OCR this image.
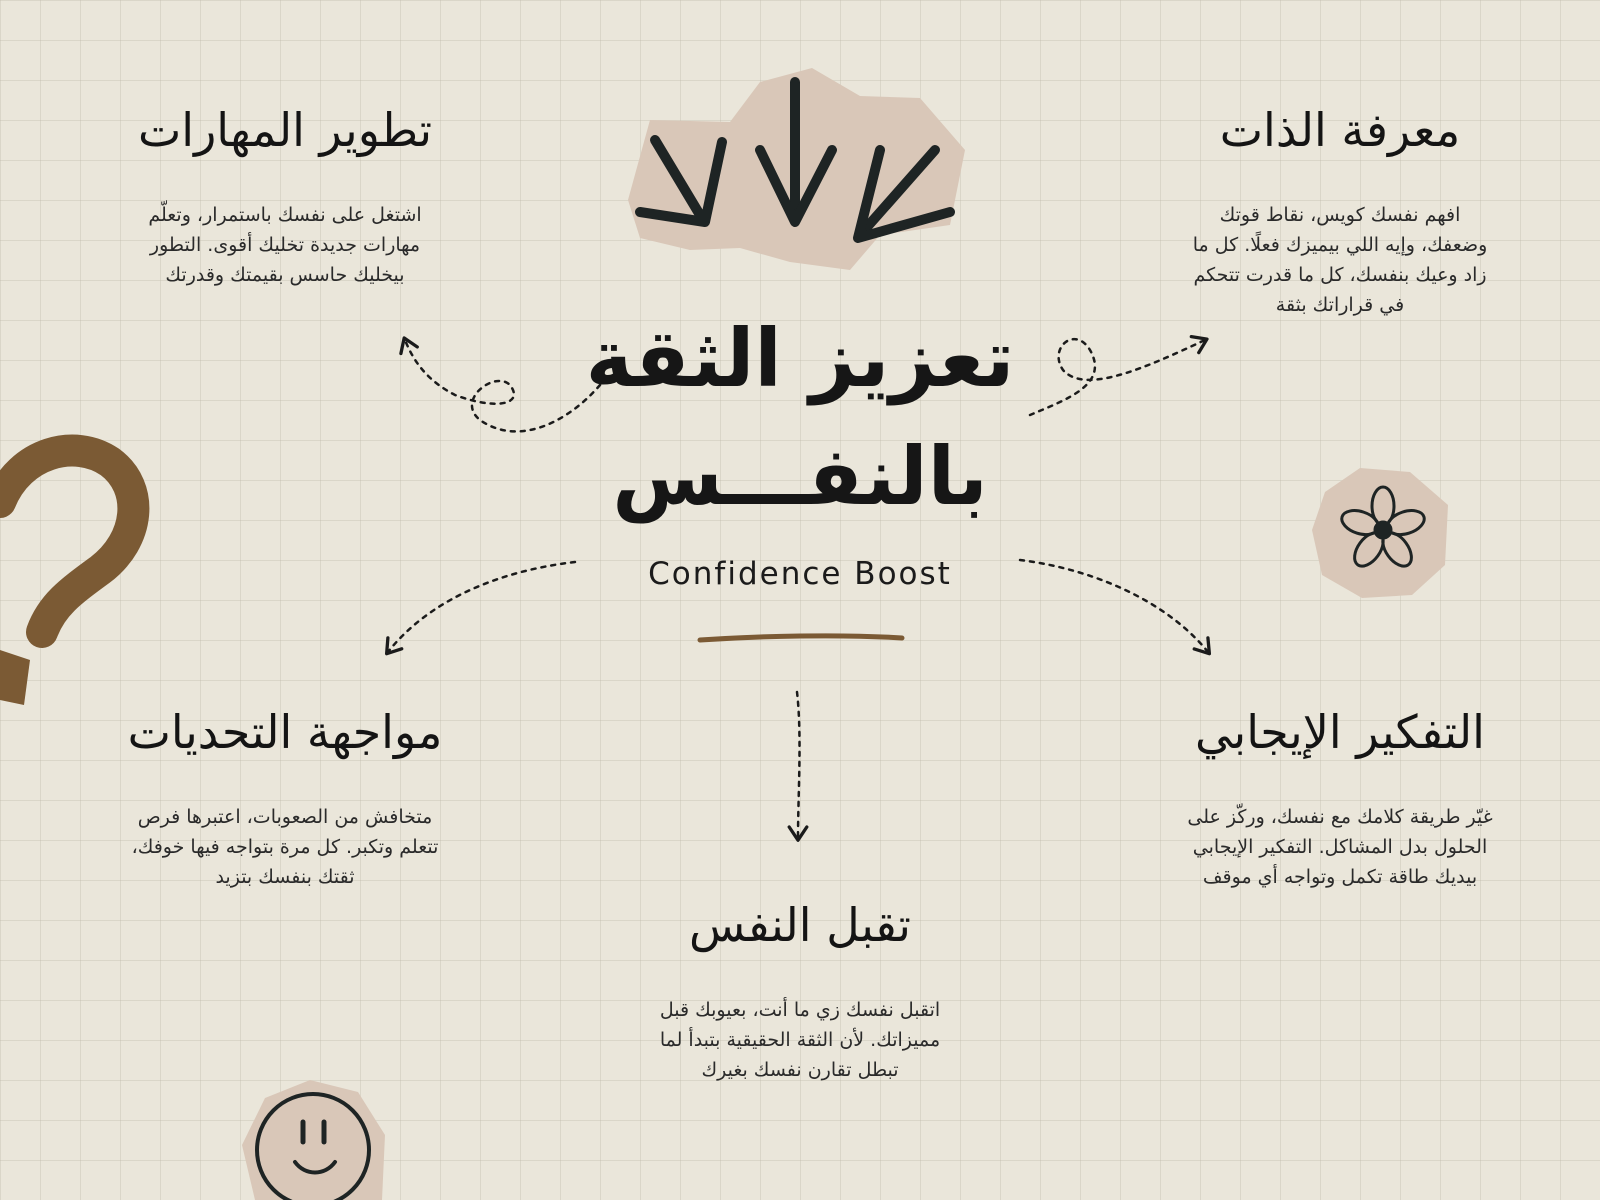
تعزيز الثقة بالنفـــس
Confidence Boost
معرفة الذات

افهم نفسك كويس، نقاط قوتك وضعفك، وإيه اللي بيميزك فعلًا. كل ما زاد وعيك بنفسك، كل ما قدرت تتحكم في قراراتك بثقة

تطوير المهارات

اشتغل على نفسك باستمرار، وتعلّم مهارات جديدة تخليك أقوى. التطور بيخليك حاسس بقيمتك وقدرتك

مواجهة التحديات

متخافش من الصعوبات، اعتبرها فرص تتعلم وتكبر. كل مرة بتواجه فيها خوفك، ثقتك بنفسك بتزيد

التفكير الإيجابي

غيّر طريقة كلامك مع نفسك، وركّز على الحلول بدل المشاكل. التفكير الإيجابي بيديك طاقة تكمل وتواجه أي موقف

تقبل النفس

اتقبل نفسك زي ما أنت، بعيوبك قبل مميزاتك. لأن الثقة الحقيقية بتبدأ لما تبطل تقارن نفسك بغيرك
